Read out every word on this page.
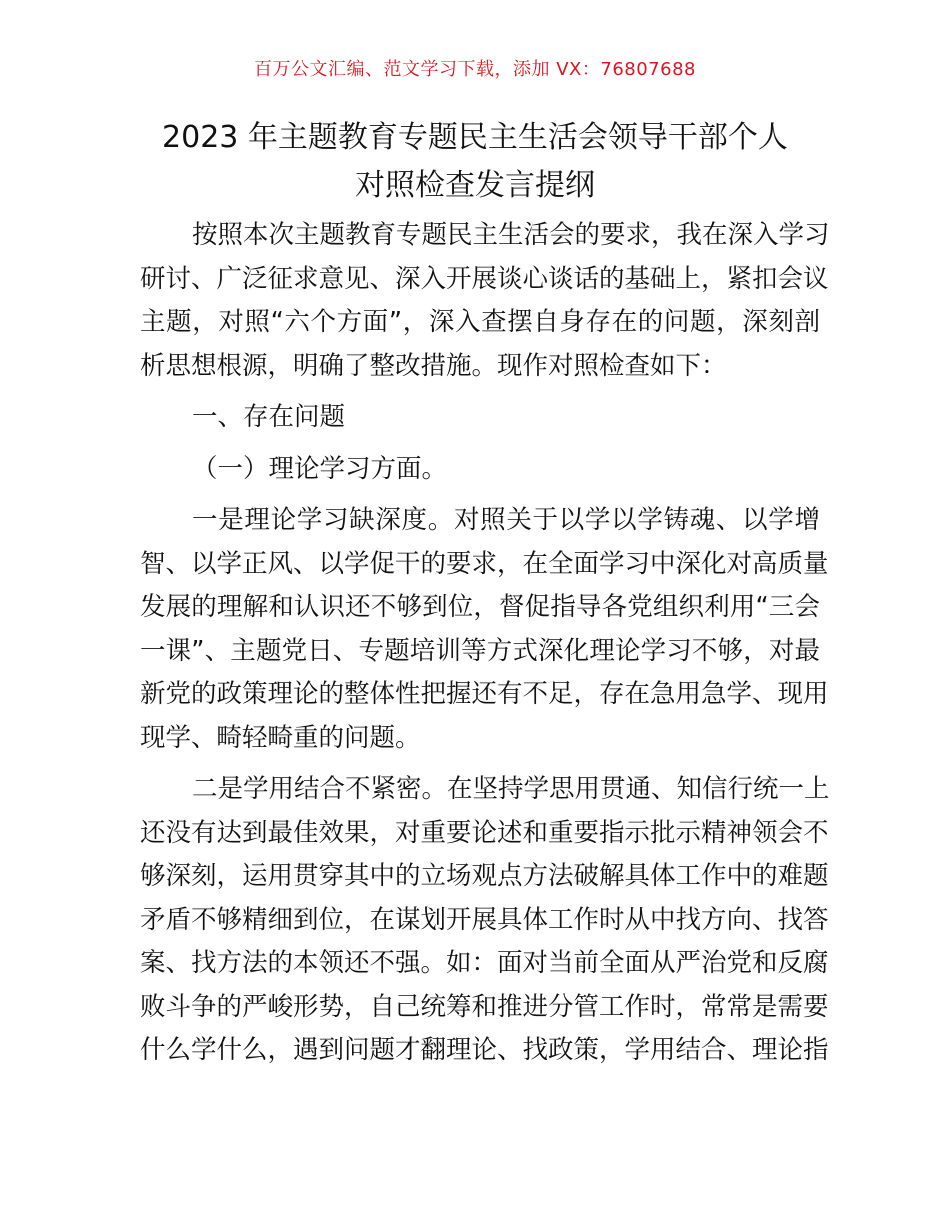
百万公文汇编、范文学习下载，添加 VX：76807688
2023 年主题教育专题民主生活会领导干部个人
对照检查发言提纲

按照本次主题教育专题民主生活会的要求，我在深入学习

研讨、广泛征求意见、深入开展谈心谈话的基础上，紧扣会议

主题，对照“六个方面”，深入查摆自身存在的问题，深刻剖

析思想根源，明确了整改措施。现作对照检查如下：

一、存在问题

（一）理论学习方面。

一是理论学习缺深度。对照关于以学以学铸魂、以学增

智、以学正风、以学促干的要求，在全面学习中深化对高质量

发展的理解和认识还不够到位，督促指导各党组织利用“三会

一课”、主题党日、专题培训等方式深化理论学习不够，对最

新党的政策理论的整体性把握还有不足，存在急用急学、现用

现学、畸轻畸重的问题。

二是学用结合不紧密。在坚持学思用贯通、知信行统一上

还没有达到最佳效果，对重要论述和重要指示批示精神领会不

够深刻，运用贯穿其中的立场观点方法破解具体工作中的难题

矛盾不够精细到位，在谋划开展具体工作时从中找方向、找答

案、找方法的本领还不强。如：面对当前全面从严治党和反腐

败斗争的严峻形势，自己统筹和推进分管工作时，常常是需要

什么学什么，遇到问题才翻理论、找政策，学用结合、理论指
